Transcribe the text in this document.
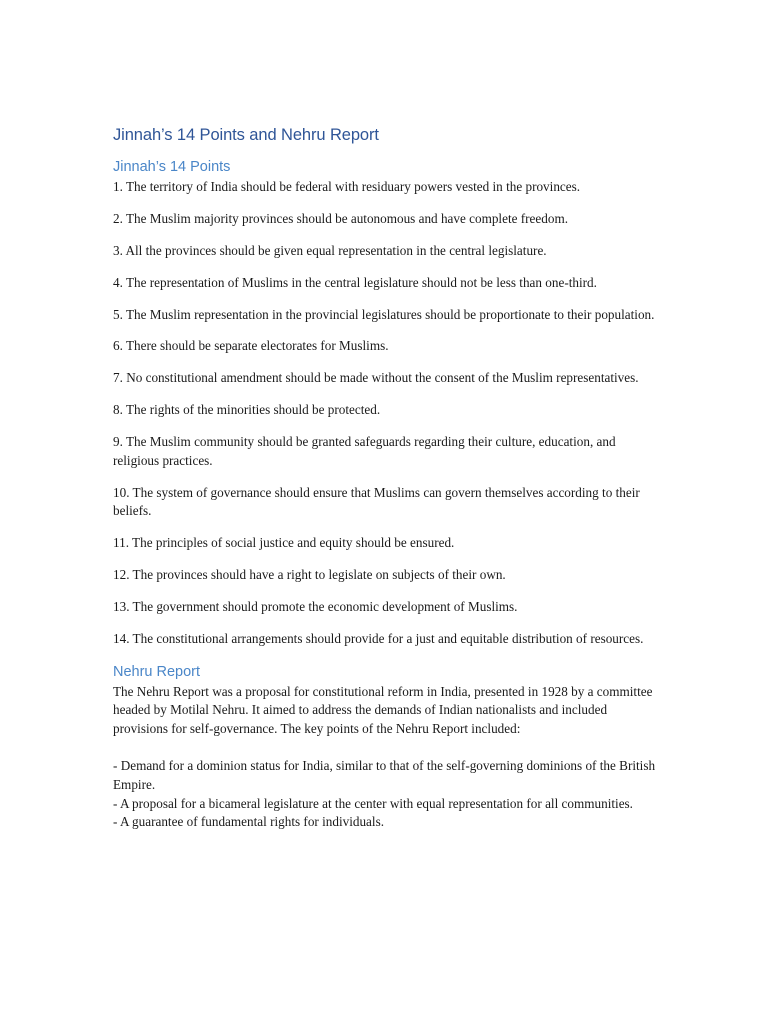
Jinnah’s 14 Points and Nehru Report
Jinnah’s 14 Points

1. The territory of India should be federal with residuary powers vested in the provinces.

2. The Muslim majority provinces should be autonomous and have complete freedom.

3. All the provinces should be given equal representation in the central legislature.

4. The representation of Muslims in the central legislature should not be less than one-third.

5. The Muslim representation in the provincial legislatures should be proportionate to their population.

6. There should be separate electorates for Muslims.

7. No constitutional amendment should be made without the consent of the Muslim representatives.

8. The rights of the minorities should be protected.

9. The Muslim community should be granted safeguards regarding their culture, education, and religious practices.

10. The system of governance should ensure that Muslims can govern themselves according to their beliefs.

11. The principles of social justice and equity should be ensured.

12. The provinces should have a right to legislate on subjects of their own.

13. The government should promote the economic development of Muslims.

14. The constitutional arrangements should provide for a just and equitable distribution of resources.

Nehru Report

The Nehru Report was a proposal for constitutional reform in India, presented in 1928 by a committee headed by Motilal Nehru. It aimed to address the demands of Indian nationalists and included provisions for self-governance. The key points of the Nehru Report included:

- Demand for a dominion status for India, similar to that of the self-governing dominions of the British Empire.
- A proposal for a bicameral legislature at the center with equal representation for all communities.
- A guarantee of fundamental rights for individuals.
